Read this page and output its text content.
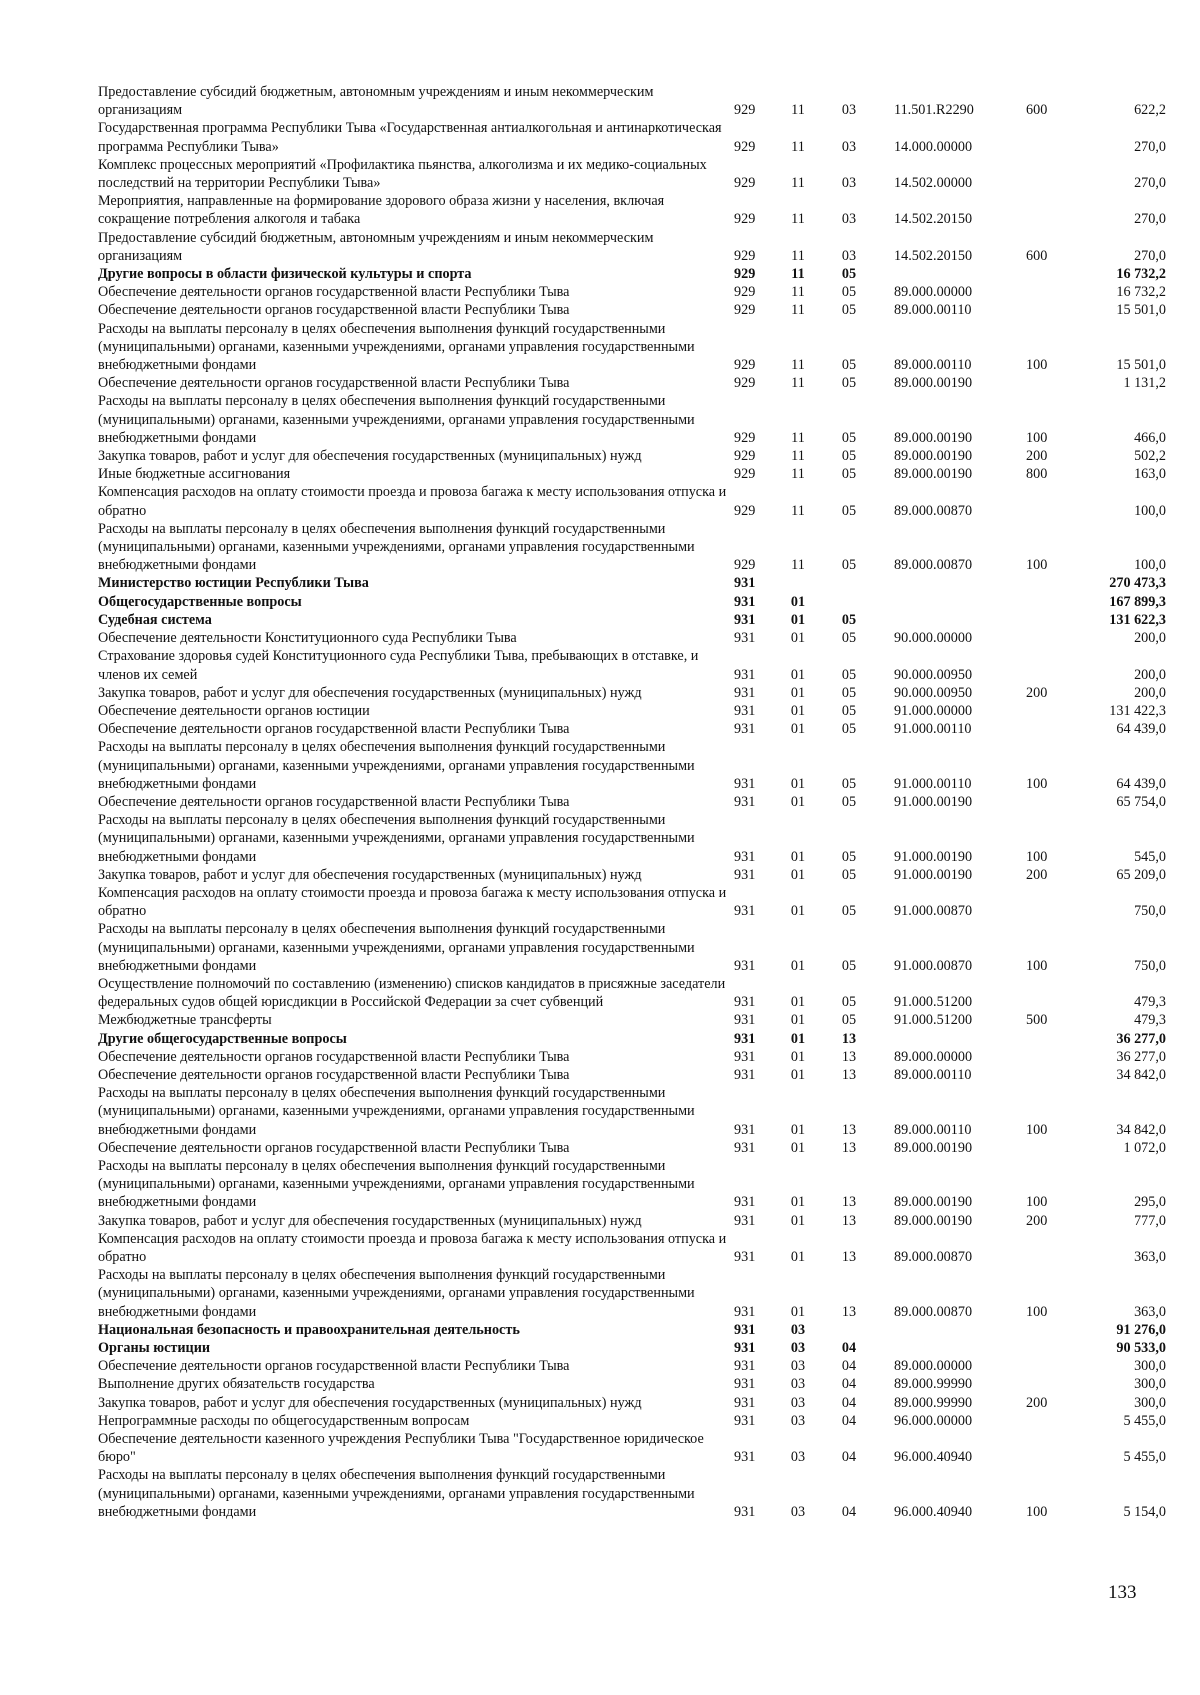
Предоставление субсидий бюджетным, автономным учреждениям и иным некоммерческим организациям	929	11	03	11.501.R2290	600	622,2
Государственная программа Республики Тыва «Государственная антиалкогольная и антинаркотическая программа Республики Тыва»	929	11	03	14.000.00000		270,0
Комплекс процессных мероприятий «Профилактика пьянства, алкоголизма и их медико-социальных последствий на территории Республики Тыва»	929	11	03	14.502.00000		270,0
Мероприятия, направленные на формирование здорового образа жизни у населения, включая сокращение потребления алкоголя и табака	929	11	03	14.502.20150		270,0
Предоставление субсидий бюджетным, автономным учреждениям и иным некоммерческим организациям	929	11	03	14.502.20150	600	270,0
Другие вопросы в области физической культуры и спорта	929	11	05			16 732,2
Обеспечение деятельности органов государственной власти Республики Тыва	929	11	05	89.000.00000		16 732,2
Обеспечение деятельности органов государственной власти Республики Тыва	929	11	05	89.000.00110		15 501,0
Расходы на выплаты персоналу в целях обеспечения выполнения функций государственными (муниципальными) органами, казенными учреждениями, органами управления государственными внебюджетными фондами	929	11	05	89.000.00110	100	15 501,0
Обеспечение деятельности органов государственной власти Республики Тыва	929	11	05	89.000.00190		1 131,2
Расходы на выплаты персоналу в целях обеспечения выполнения функций государственными (муниципальными) органами, казенными учреждениями, органами управления государственными внебюджетными фондами	929	11	05	89.000.00190	100	466,0
Закупка товаров, работ и услуг для обеспечения государственных (муниципальных) нужд	929	11	05	89.000.00190	200	502,2
Иные бюджетные ассигнования	929	11	05	89.000.00190	800	163,0
Компенсация расходов на оплату стоимости проезда и провоза багажа к месту использования отпуска и обратно	929	11	05	89.000.00870		100,0
Расходы на выплаты персоналу в целях обеспечения выполнения функций государственными (муниципальными) органами, казенными учреждениями, органами управления государственными внебюджетными фондами	929	11	05	89.000.00870	100	100,0
Министерство юстиции Республики Тыва	931					270 473,3
Общегосударственные вопросы	931	01				167 899,3
Судебная система	931	01	05			131 622,3
Обеспечение деятельности Конституционного суда Республики Тыва	931	01	05	90.000.00000		200,0
Страхование здоровья судей Конституционного суда Республики Тыва, пребывающих в отставке, и членов их семей	931	01	05	90.000.00950		200,0
Закупка товаров, работ и услуг для обеспечения государственных (муниципальных) нужд	931	01	05	90.000.00950	200	200,0
Обеспечение деятельности органов юстиции	931	01	05	91.000.00000		131 422,3
Обеспечение деятельности органов государственной власти Республики Тыва	931	01	05	91.000.00110		64 439,0
Расходы на выплаты персоналу в целях обеспечения выполнения функций государственными (муниципальными) органами, казенными учреждениями, органами управления государственными внебюджетными фондами	931	01	05	91.000.00110	100	64 439,0
Обеспечение деятельности органов государственной власти Республики Тыва	931	01	05	91.000.00190		65 754,0
Расходы на выплаты персоналу в целях обеспечения выполнения функций государственными (муниципальными) органами, казенными учреждениями, органами управления государственными внебюджетными фондами	931	01	05	91.000.00190	100	545,0
Закупка товаров, работ и услуг для обеспечения государственных (муниципальных) нужд	931	01	05	91.000.00190	200	65 209,0
Компенсация расходов на оплату стоимости проезда и провоза багажа к месту использования отпуска и обратно	931	01	05	91.000.00870		750,0
Расходы на выплаты персоналу в целях обеспечения выполнения функций государственными (муниципальными) органами, казенными учреждениями, органами управления государственными внебюджетными фондами	931	01	05	91.000.00870	100	750,0
Осуществление полномочий по составлению (изменению) списков кандидатов в присяжные заседатели федеральных судов общей юрисдикции в Российской Федерации за счет субвенций	931	01	05	91.000.51200		479,3
Межбюджетные трансферты	931	01	05	91.000.51200	500	479,3
Другие общегосударственные вопросы	931	01	13			36 277,0
Обеспечение деятельности органов государственной власти Республики Тыва	931	01	13	89.000.00000		36 277,0
Обеспечение деятельности органов государственной власти Республики Тыва	931	01	13	89.000.00110		34 842,0
Расходы на выплаты персоналу в целях обеспечения выполнения функций государственными (муниципальными) органами, казенными учреждениями, органами управления государственными внебюджетными фондами	931	01	13	89.000.00110	100	34 842,0
Обеспечение деятельности органов государственной власти Республики Тыва	931	01	13	89.000.00190		1 072,0
Расходы на выплаты персоналу в целях обеспечения выполнения функций государственными (муниципальными) органами, казенными учреждениями, органами управления государственными внебюджетными фондами	931	01	13	89.000.00190	100	295,0
Закупка товаров, работ и услуг для обеспечения государственных (муниципальных) нужд	931	01	13	89.000.00190	200	777,0
Компенсация расходов на оплату стоимости проезда и провоза багажа к месту использования отпуска и обратно	931	01	13	89.000.00870		363,0
Расходы на выплаты персоналу в целях обеспечения выполнения функций государственными (муниципальными) органами, казенными учреждениями, органами управления государственными внебюджетными фондами	931	01	13	89.000.00870	100	363,0
Национальная безопасность и правоохранительная деятельность	931	03				91 276,0
Органы юстиции	931	03	04			90 533,0
Обеспечение деятельности органов государственной власти Республики Тыва	931	03	04	89.000.00000		300,0
Выполнение других обязательств государства	931	03	04	89.000.99990		300,0
Закупка товаров, работ и услуг для обеспечения государственных (муниципальных) нужд	931	03	04	89.000.99990	200	300,0
Непрограммные расходы по общегосударственным вопросам	931	03	04	96.000.00000		5 455,0
Обеспечение деятельности казенного учреждения Республики Тыва "Государственное юридическое бюро"	931	03	04	96.000.40940		5 455,0
Расходы на выплаты персоналу в целях обеспечения выполнения функций государственными (муниципальными) органами, казенными учреждениями, органами управления государственными внебюджетными фондами	931	03	04	96.000.40940	100	5 154,0
133
